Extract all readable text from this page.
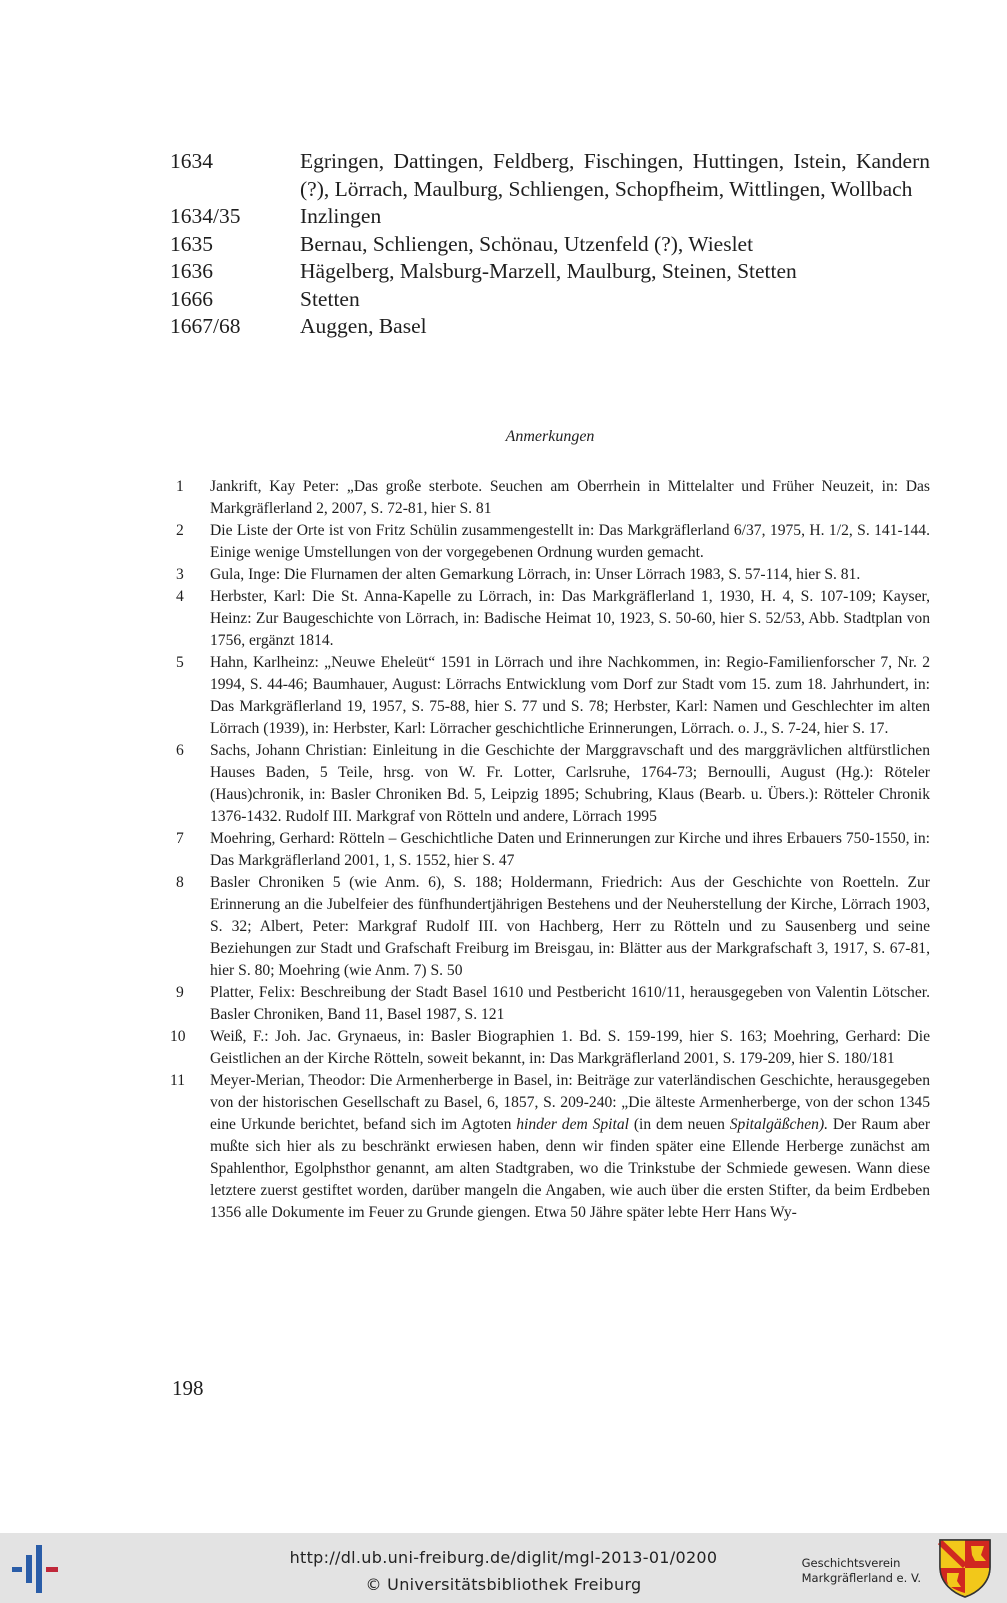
1634	Egringen, Dattingen, Feldberg, Fischingen, Huttingen, Istein, Kandern (?), Lörrach, Maulburg, Schliengen, Schopfheim, Wittlingen, Wollbach
1634/35	Inzlingen
1635	Bernau, Schliengen, Schönau, Utzenfeld (?), Wieslet
1636	Hägelberg, Malsburg-Marzell, Maulburg, Steinen, Stetten
1666	Stetten
1667/68	Auggen, Basel
Anmerkungen
1	Jankrift, Kay Peter: „Das große sterbote. Seuchen am Oberrhein in Mittelalter und Früher Neuzeit, in: Das Markgräflerland 2, 2007, S. 72-81, hier S. 81
2	Die Liste der Orte ist von Fritz Schülin zusammengestellt in: Das Markgräflerland 6/37, 1975, H. 1/2, S. 141-144. Einige wenige Umstellungen von der vorgegebenen Ordnung wurden gemacht.
3	Gula, Inge: Die Flurnamen der alten Gemarkung Lörrach, in: Unser Lörrach 1983, S. 57-114, hier S. 81.
4	Herbster, Karl: Die St. Anna-Kapelle zu Lörrach, in: Das Markgräflerland 1, 1930, H. 4, S. 107-109; Kayser, Heinz: Zur Baugeschichte von Lörrach, in: Badische Heimat 10, 1923, S. 50-60, hier S. 52/53, Abb. Stadtplan von 1756, ergänzt 1814.
5	Hahn, Karlheinz: „Neuwe Eheleüt“ 1591 in Lörrach und ihre Nachkommen, in: Regio-Familienforscher 7, Nr. 2 1994, S. 44-46; Baumhauer, August: Lörrachs Entwicklung vom Dorf zur Stadt vom 15. zum 18. Jahrhundert, in: Das Markgräflerland 19, 1957, S. 75-88, hier S. 77 und S. 78; Herbster, Karl: Namen und Geschlechter im alten Lörrach (1939), in: Herbster, Karl: Lörracher geschichtliche Erinnerungen, Lörrach. o. J., S. 7-24, hier S. 17.
6	Sachs, Johann Christian: Einleitung in die Geschichte der Marggravschaft und des marggrävlichen altfürstlichen Hauses Baden, 5 Teile, hrsg. von W. Fr. Lotter, Carlsruhe, 1764-73; Bernoulli, August (Hg.): Röteler (Haus)chronik, in: Basler Chroniken Bd. 5, Leipzig 1895; Schubring, Klaus (Bearb. u. Übers.): Rötteler Chronik 1376-1432. Rudolf III. Markgraf von Rötteln und andere, Lörrach 1995
7	Moehring, Gerhard: Rötteln – Geschichtliche Daten und Erinnerungen zur Kirche und ihres Erbauers 750-1550, in: Das Markgräflerland 2001, 1, S. 1552, hier S. 47
8	Basler Chroniken 5 (wie Anm. 6), S. 188; Holdermann, Friedrich: Aus der Geschichte von Roetteln. Zur Erinnerung an die Jubelfeier des fünfhundertjährigen Bestehens und der Neuherstellung der Kirche, Lörrach 1903, S. 32; Albert, Peter: Markgraf Rudolf III. von Hachberg, Herr zu Rötteln und zu Sausenberg und seine Beziehungen zur Stadt und Grafschaft Freiburg im Breisgau, in: Blätter aus der Markgrafschaft 3, 1917, S. 67-81, hier S. 80; Moehring (wie Anm. 7) S. 50
9	Platter, Felix: Beschreibung der Stadt Basel 1610 und Pestbericht 1610/11, herausgegeben von Valentin Lötscher. Basler Chroniken, Band 11, Basel 1987, S. 121
10	Weiß, F.: Joh. Jac. Grynaeus, in: Basler Biographien 1. Bd. S. 159-199, hier S. 163; Moehring, Gerhard: Die Geistlichen an der Kirche Rötteln, soweit bekannt, in: Das Markgräflerland 2001, S. 179-209, hier S. 180/181
11	Meyer-Merian, Theodor: Die Armenherberge in Basel, in: Beiträge zur vaterländischen Geschichte, herausgegeben von der historischen Gesellschaft zu Basel, 6, 1857, S. 209-240: „Die älteste Armenherberge, von der schon 1345 eine Urkunde berichtet, befand sich im Agtoten hinder dem Spital (in dem neuen Spitalgäßchen). Der Raum aber mußte sich hier als zu beschränkt erwiesen haben, denn wir finden später eine Ellende Herberge zunächst am Spahlenthor, Egolphsthor genannt, am alten Stadtgraben, wo die Trinkstube der Schmiede gewesen. Wann diese letztere zuerst gestiftet worden, darüber mangeln die Angaben, wie auch über die ersten Stifter, da beim Erdbeben 1356 alle Dokumente im Feuer zu Grunde giengen. Etwa 50 Jähre später lebte Herr Hans Wy-
198
http://dl.ub.uni-freiburg.de/diglit/mgl-2013-01/0200
© Universitätsbibliothek Freiburg
Geschichtsverein
Markgräflerland e. V.
